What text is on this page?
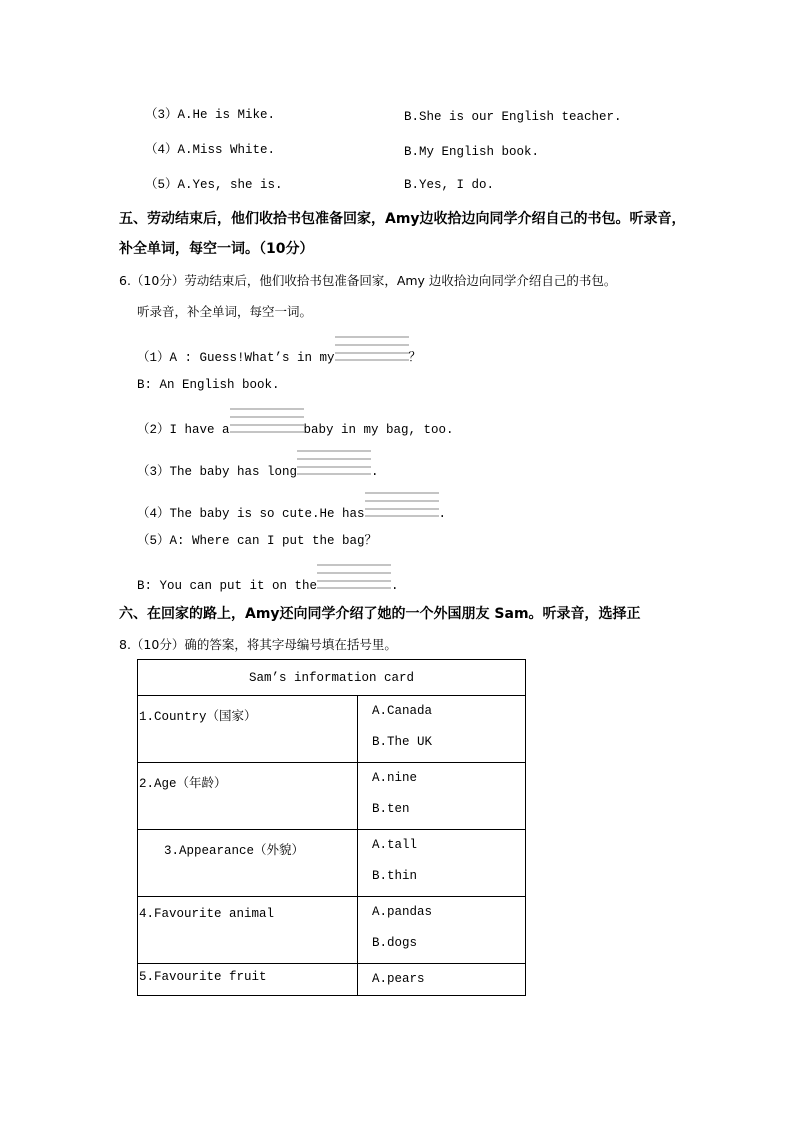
（3）A.He is Mike.	B.She is our English teacher.
（4）A.Miss White.	B.My English book.
（5）A.Yes, she is.	B.Yes, I do.
五、劳动结束后，他们收拾书包准备回家，Amy边收拾边向同学介绍自己的书包。听录音，
补全单词，每空一词。（10分）
6.（10分）劳动结束后，他们收拾书包准备回家，Amy 边收拾边向同学介绍自己的书包。
听录音，补全单词，每空一词。
（1）A : Guess!What’s in my	？
B: An English book.
（2）I have a	baby in my bag, too.
（3）The baby has long	.
（4）The baby is so cute.He has	.
（5）A: Where can I put the bag？
B: You can put it on the	.
六、在回家的路上，Amy还向同学介绍了她的一个外国朋友 Sam。听录音，选择正
8.（10分）确的答案，将其字母编号填在括号里。
Sam’s information card	
1.Country（国家）	A.Canada
B.The UK

2.Age（年龄）	A.nine
B.ten

3.Appearance（外貌）	A.tall
B.thin

4.Favourite animal	A.pandas
B.dogs

5.Favourite fruit	A.pears
